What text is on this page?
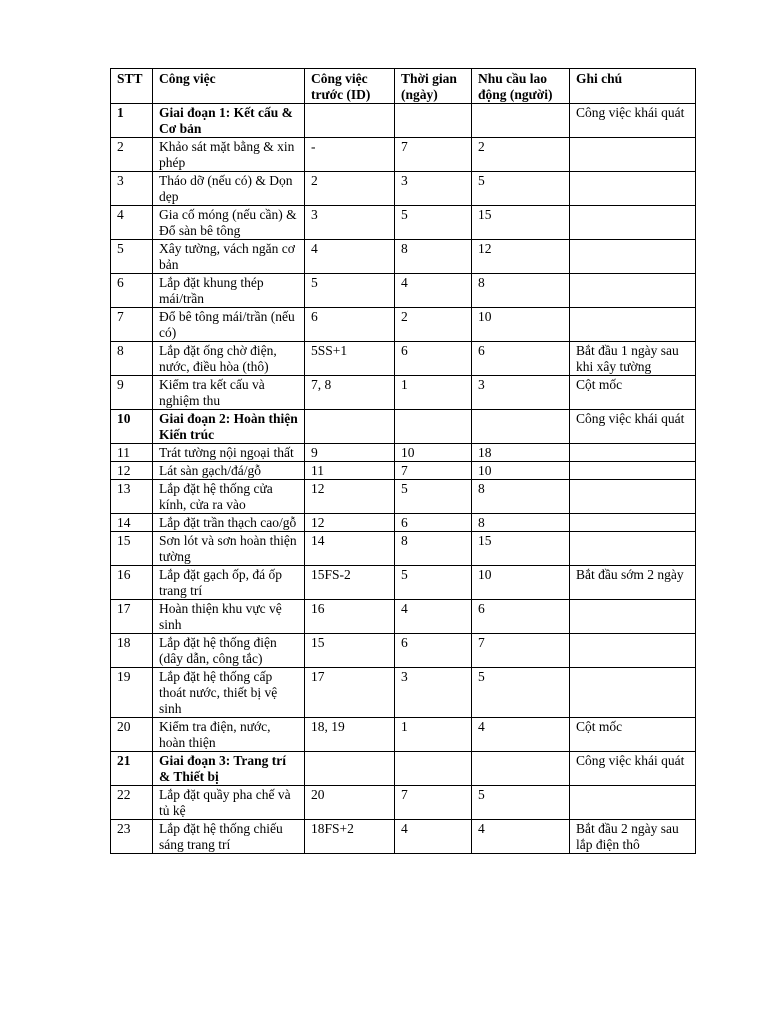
STT	Công việc	Công việc trước (ID)	Thời gian (ngày)	Nhu cầu lao động (người)	Ghi chú
1	Giai đoạn 1: Kết cấu & Cơ bản				Công việc khái quát
2	Khảo sát mặt bằng & xin phép	-	7	2	
3	Tháo dỡ (nếu có) & Dọn dẹp	2	3	5	
4	Gia cố móng (nếu cần) & Đổ sàn bê tông	3	5	15	
5	Xây tường, vách ngăn cơ bản	4	8	12	
6	Lắp đặt khung thép mái/trần	5	4	8	
7	Đổ bê tông mái/trần (nếu có)	6	2	10	
8	Lắp đặt ống chờ điện, nước, điều hòa (thô)	5SS+1	6	6	Bắt đầu 1 ngày sau khi xây tường
9	Kiểm tra kết cấu và nghiệm thu	7, 8	1	3	Cột mốc
10	Giai đoạn 2: Hoàn thiện Kiến trúc				Công việc khái quát
11	Trát tường nội ngoại thất	9	10	18	
12	Lát sàn gạch/đá/gỗ	11	7	10	
13	Lắp đặt hệ thống cửa kính, cửa ra vào	12	5	8	
14	Lắp đặt trần thạch cao/gỗ	12	6	8	
15	Sơn lót và sơn hoàn thiện tường	14	8	15	
16	Lắp đặt gạch ốp, đá ốp trang trí	15FS-2	5	10	Bắt đầu sớm 2 ngày
17	Hoàn thiện khu vực vệ sinh	16	4	6	
18	Lắp đặt hệ thống điện (dây dẫn, công tắc)	15	6	7	
19	Lắp đặt hệ thống cấp thoát nước, thiết bị vệ sinh	17	3	5	
20	Kiểm tra điện, nước, hoàn thiện	18, 19	1	4	Cột mốc
21	Giai đoạn 3: Trang trí & Thiết bị				Công việc khái quát
22	Lắp đặt quầy pha chế và tủ kệ	20	7	5	
23	Lắp đặt hệ thống chiếu sáng trang trí	18FS+2	4	4	Bắt đầu 2 ngày sau lắp điện thô
